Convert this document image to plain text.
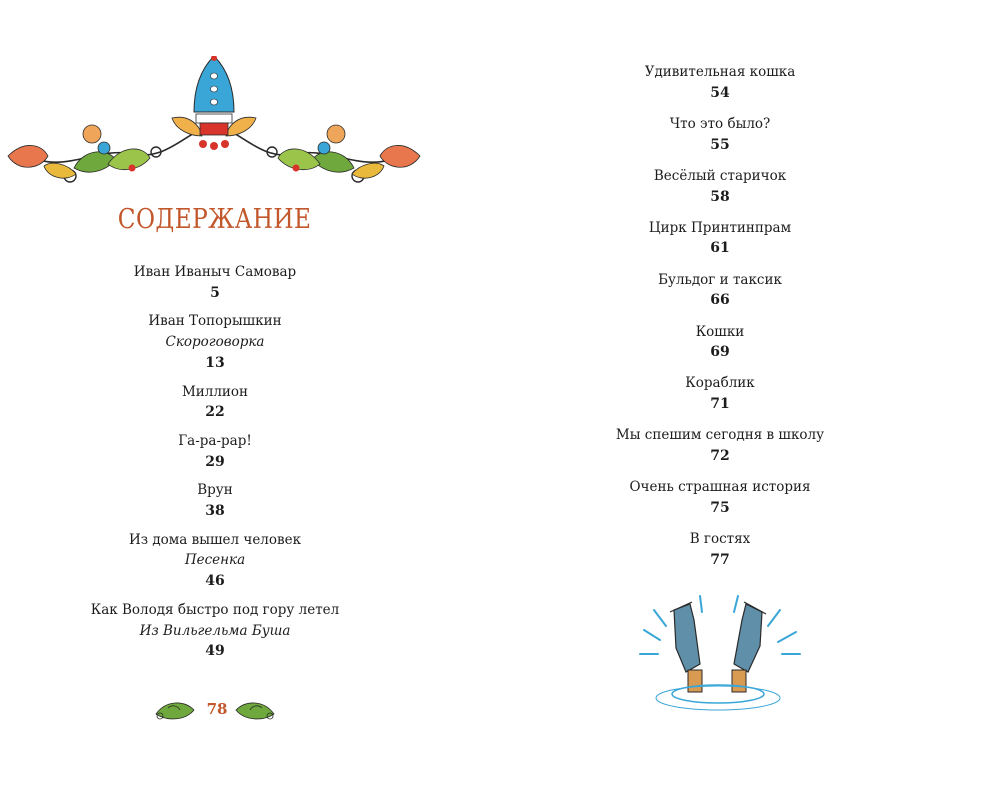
СОДЕРЖАНИЕ
Иван Иваныч Самовар
5
Иван Топорышкин
Скороговорка
13
Миллион
22
Га-ра-рар!
29
Врун
38
Из дома вышел человек
Песенка
46
Как Володя быстро под гору летел
Из Вильгельма Буша
49
78
Удивительная кошка
54
Что это было?
55
Весёлый старичок
58
Цирк Принтинпрам
61
Бульдог и таксик
66
Кошки
69
Кораблик
71
Мы спешим сегодня в школу
72
Очень страшная история
75
В гостях
77
